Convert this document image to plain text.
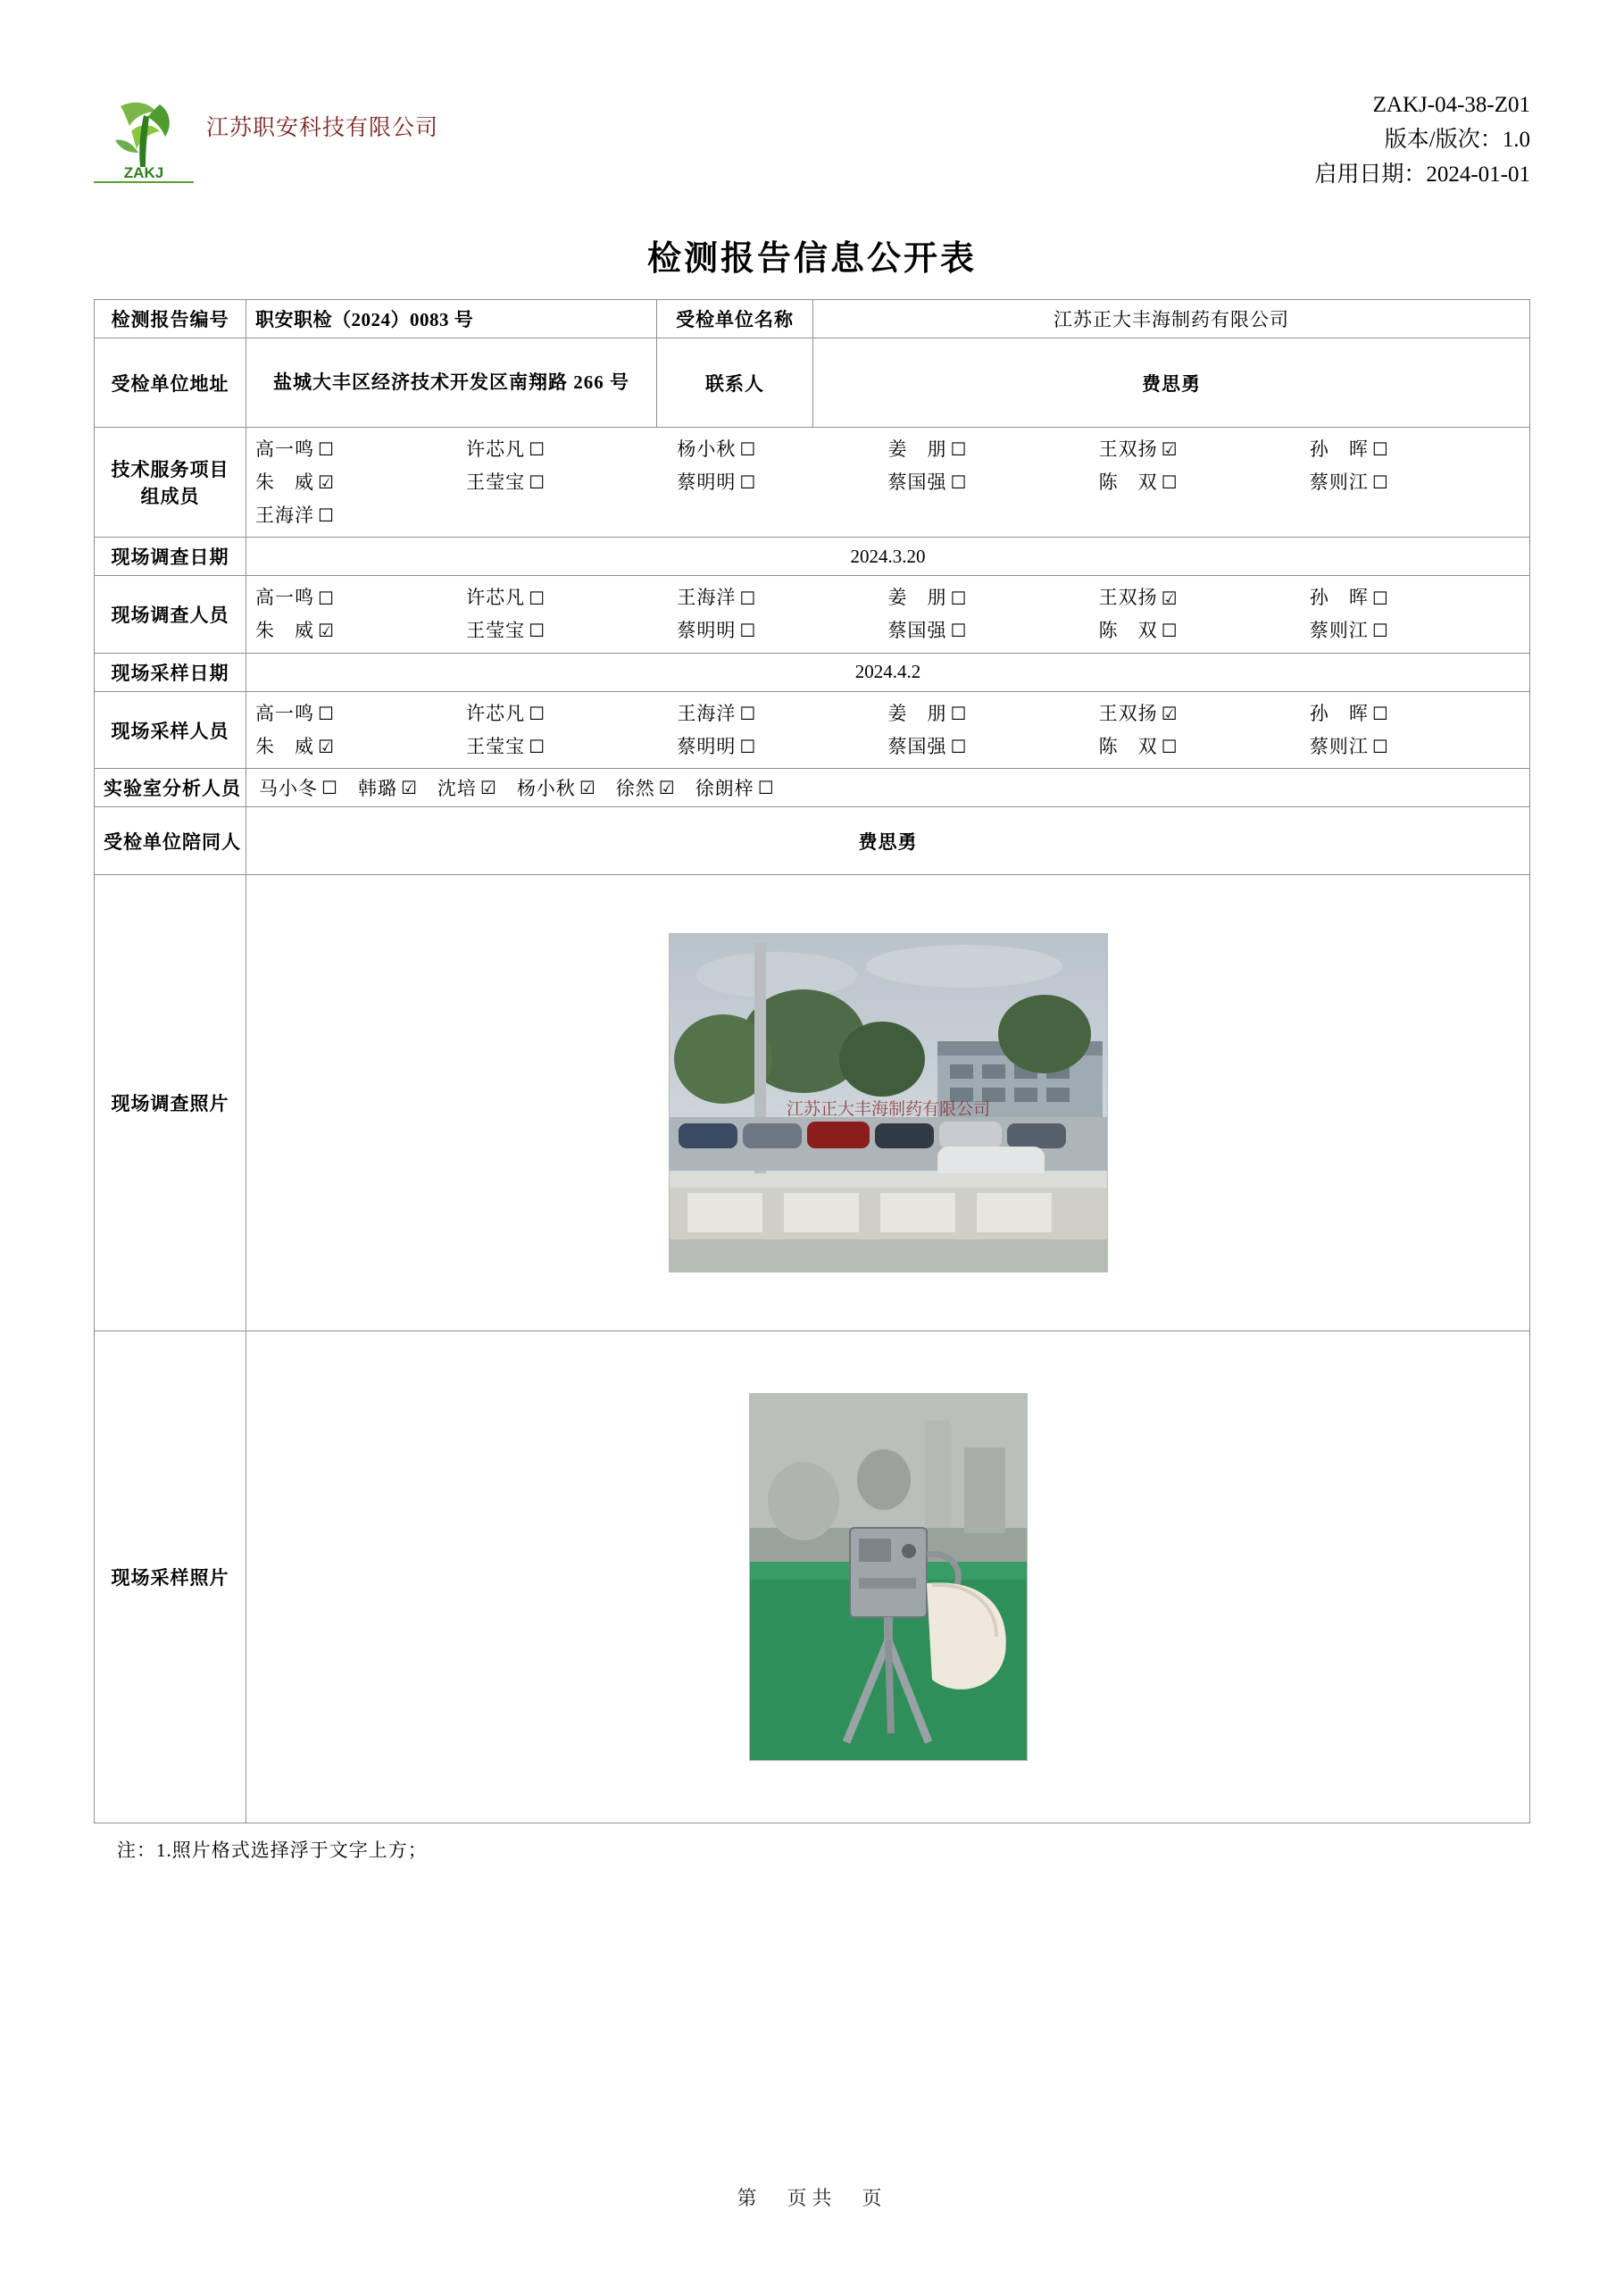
ZAKJ
江苏职安科技有限公司
ZAKJ-04-38-Z01
版本/版次：1.0
启用日期：2024-01-01
检测报告信息公开表
检测报告编号	职安职检（2024）0083 号	受检单位名称	江苏正大丰海制药有限公司
受检单位地址	盐城大丰区经济技术开发区南翔路 266 号	联系人	费思勇
技术服务项目组成员	
高一鸣 ☐	许芯凡 ☐	杨小秋 ☐	姜　朋 ☐	王双扬 ☑	孙　晖 ☐
朱　威 ☑	王莹宝 ☐	蔡明明 ☐	蔡国强 ☐	陈　双 ☐	蔡则江 ☐
王海洋 ☐

现场调查日期	2024.3.20		
现场调查人员	
高一鸣 ☐	许芯凡 ☐	王海洋 ☐	姜　朋 ☐	王双扬 ☑	孙　晖 ☐
朱　威 ☑	王莹宝 ☐	蔡明明 ☐	蔡国强 ☐	陈　双 ☐	蔡则江 ☐

现场采样日期	2024.4.2		
现场采样人员	
高一鸣 ☐	许芯凡 ☐	王海洋 ☐	姜　朋 ☐	王双扬 ☑	孙　晖 ☐
朱　威 ☑	王莹宝 ☐	蔡明明 ☐	蔡国强 ☐	陈　双 ☐	蔡则江 ☐

实验室分析人员	马小冬 ☐ 韩璐 ☑ 沈培 ☑ 杨小秋 ☑ 徐然 ☑ 徐朗梓 ☐

受检单位陪同人	费思勇		
现场调查照片	江苏正大丰海制药有限公司		

现场采样照片	
注：1.照片格式选择浮于文字上方；
第　页共　页
